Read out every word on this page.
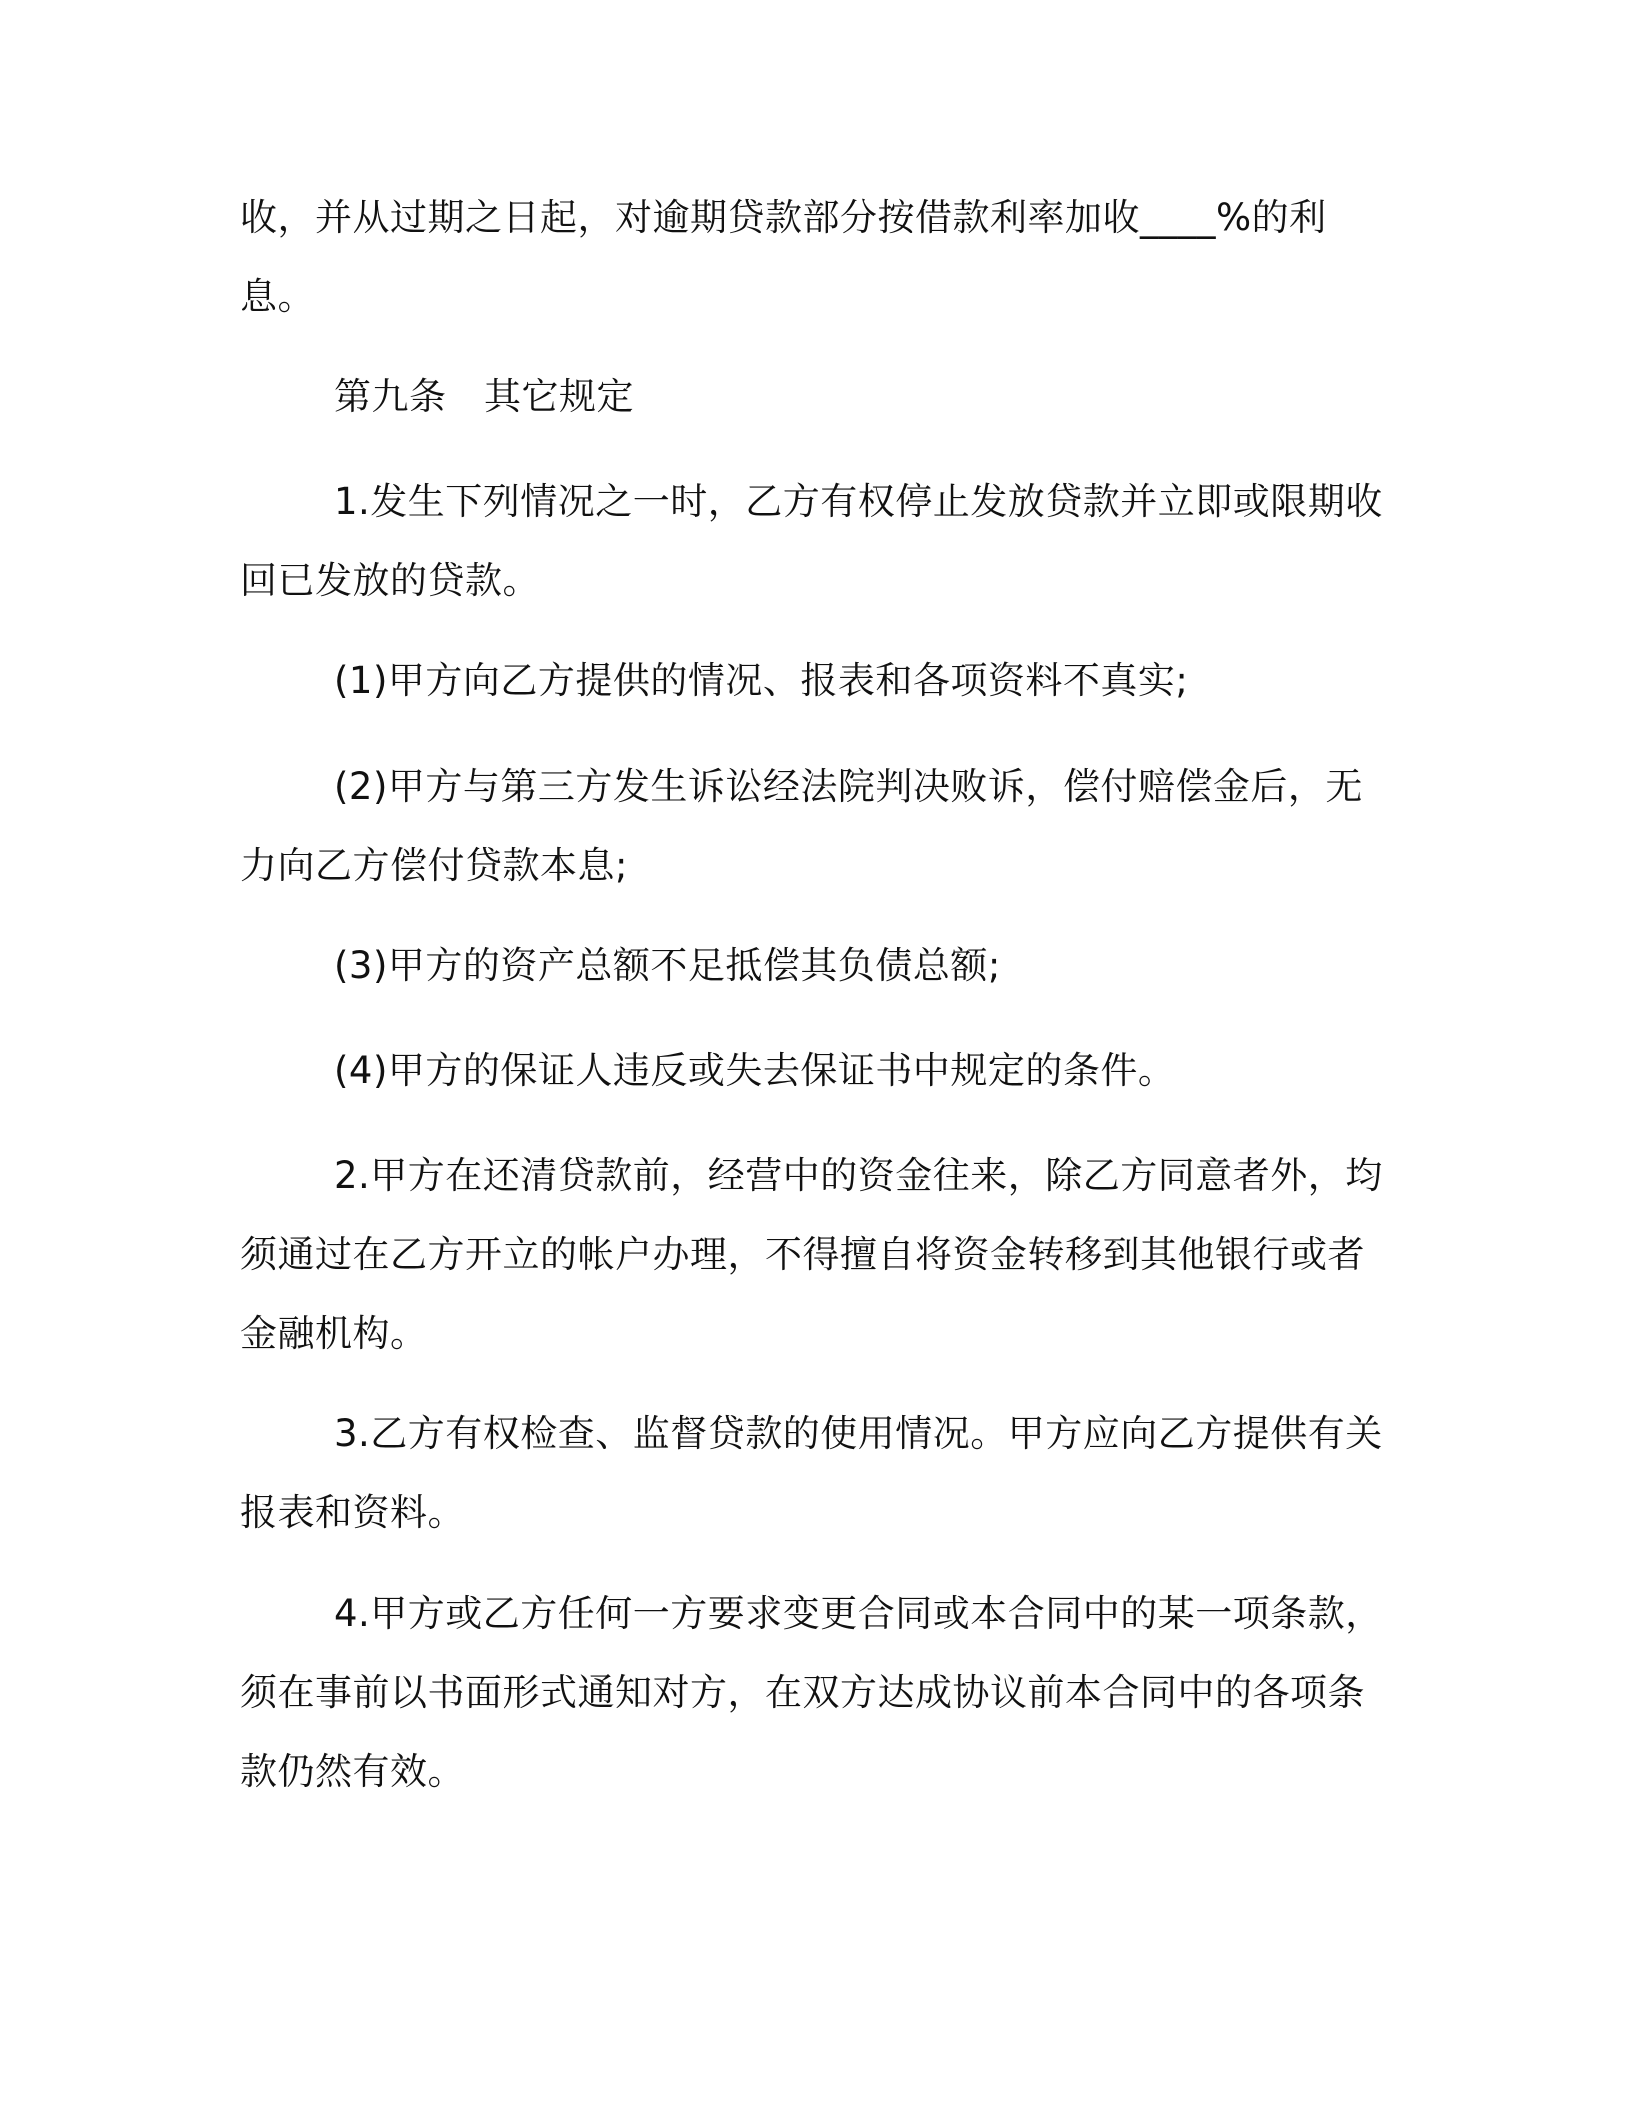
收，并从过期之日起，对逾期贷款部分按借款利率加收____%的利息。

第九条　其它规定

1.发生下列情况之一时，乙方有权停止发放贷款并立即或限期收回已发放的贷款。

(1)甲方向乙方提供的情况、报表和各项资料不真实;

(2)甲方与第三方发生诉讼经法院判决败诉，偿付赔偿金后，无力向乙方偿付贷款本息;

(3)甲方的资产总额不足抵偿其负债总额;

(4)甲方的保证人违反或失去保证书中规定的条件。

2.甲方在还清贷款前，经营中的资金往来，除乙方同意者外，均须通过在乙方开立的帐户办理，不得擅自将资金转移到其他银行或者金融机构。

3.乙方有权检查、监督贷款的使用情况。甲方应向乙方提供有关报表和资料。

4.甲方或乙方任何一方要求变更合同或本合同中的某一项条款，须在事前以书面形式通知对方，在双方达成协议前本合同中的各项条款仍然有效。
